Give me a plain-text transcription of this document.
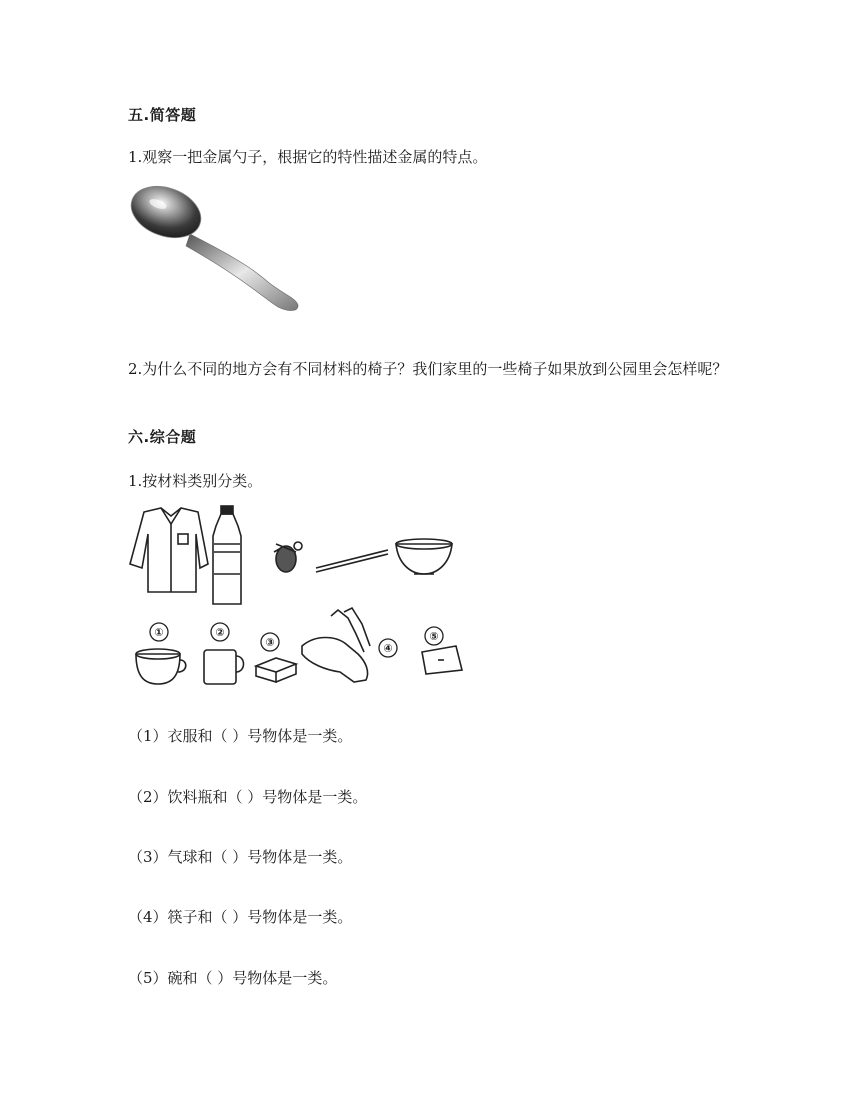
五.简答题
1.观察一把金属勺子，根据它的特性描述金属的特点。
2.为什么不同的地方会有不同材料的椅子？我们家里的一些椅子如果放到公园里会怎样呢？
六.综合题
1.按材料类别分类。
①	②
③	④
⑤
（1）衣服和（ ）号物体是一类。
（2）饮料瓶和（ ）号物体是一类。
（3）气球和（ ）号物体是一类。
（4）筷子和（ ）号物体是一类。
（5）碗和（ ）号物体是一类。
